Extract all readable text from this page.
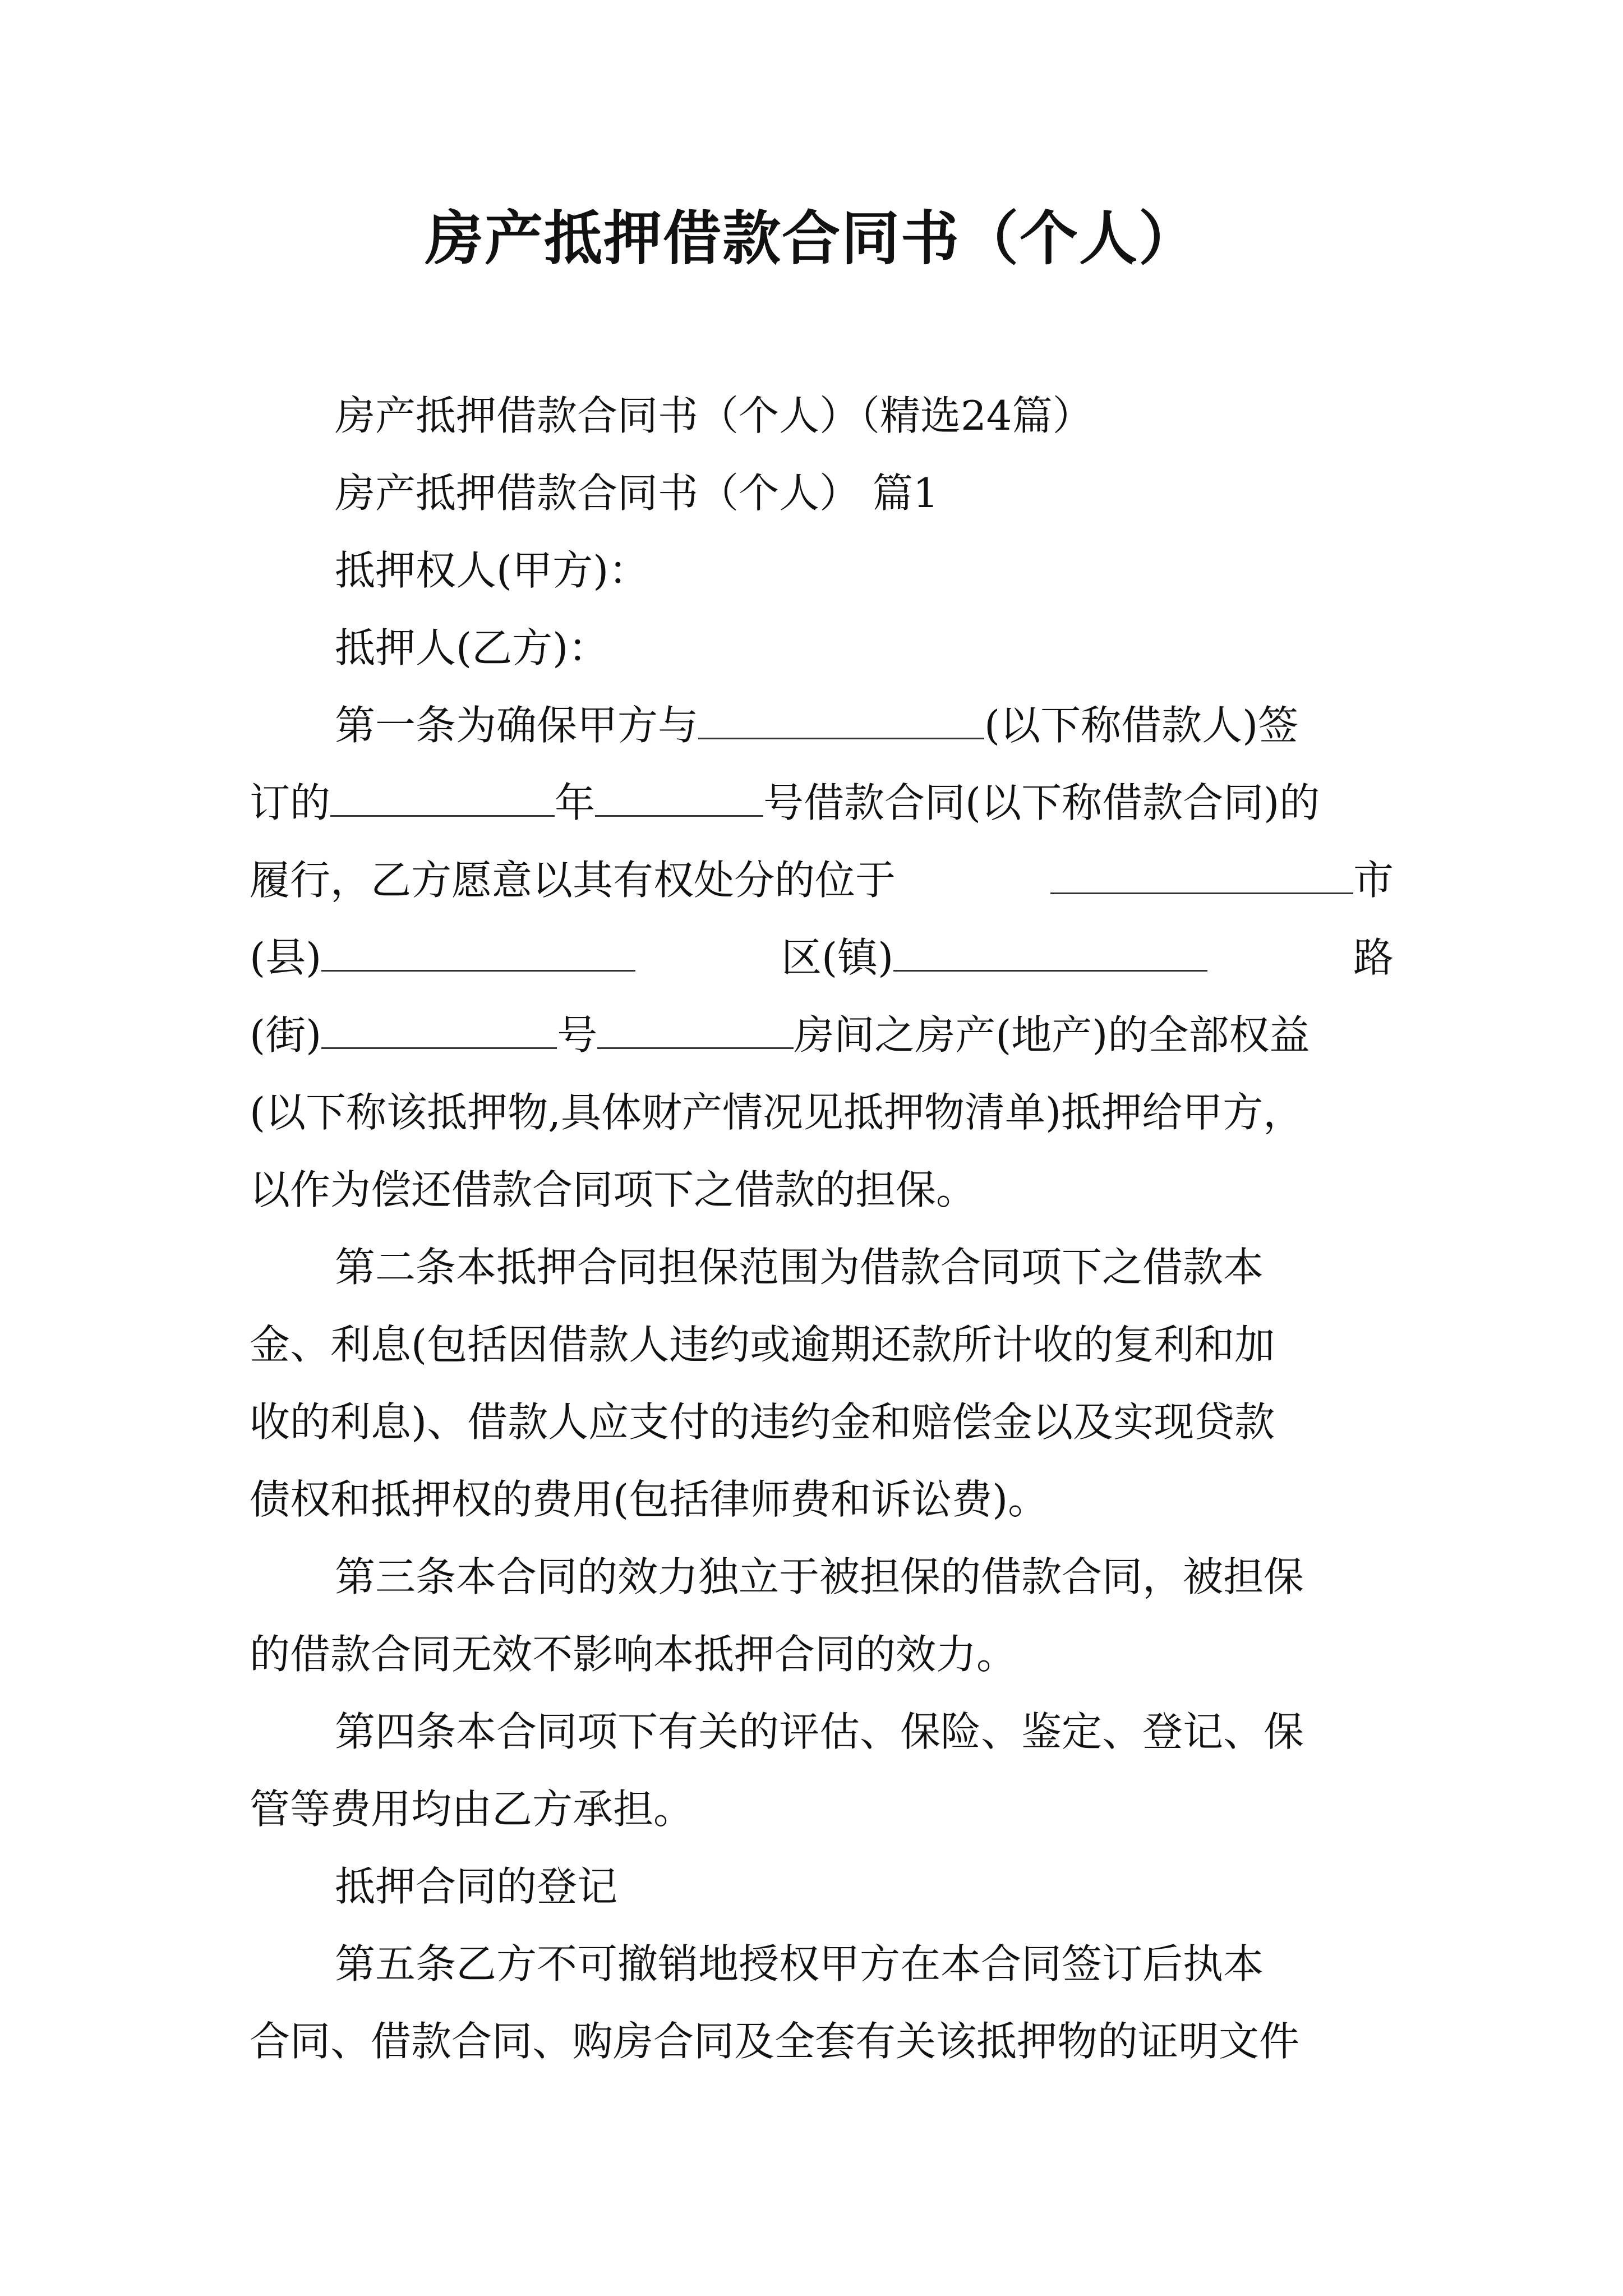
房产抵押借款合同书（个人）
房产抵押借款合同书（个人）（精选24篇）
房产抵押借款合同书（个人） 篇1
抵押权人(甲方)：
抵押人(乙方)：
第一条为确保甲方与	(以下称借款人)签
订的	年	号借款合同(以下称借款合同)的
履行，乙方愿意以其有权处分的位于	市
(县)	区(镇)	路
(街)	号	房间之房产(地产)的全部权益
(以下称该抵押物,具体财产情况见抵押物清单)抵押给甲方，
以作为偿还借款合同项下之借款的担保。
第二条本抵押合同担保范围为借款合同项下之借款本
金、利息(包括因借款人违约或逾期还款所计收的复利和加
收的利息)、借款人应支付的违约金和赔偿金以及实现贷款
债权和抵押权的费用(包括律师费和诉讼费)。
第三条本合同的效力独立于被担保的借款合同，被担保
的借款合同无效不影响本抵押合同的效力。
第四条本合同项下有关的评估、保险、鉴定、登记、保
管等费用均由乙方承担。
抵押合同的登记
第五条乙方不可撤销地授权甲方在本合同签订后执本
合同、借款合同、购房合同及全套有关该抵押物的证明文件
